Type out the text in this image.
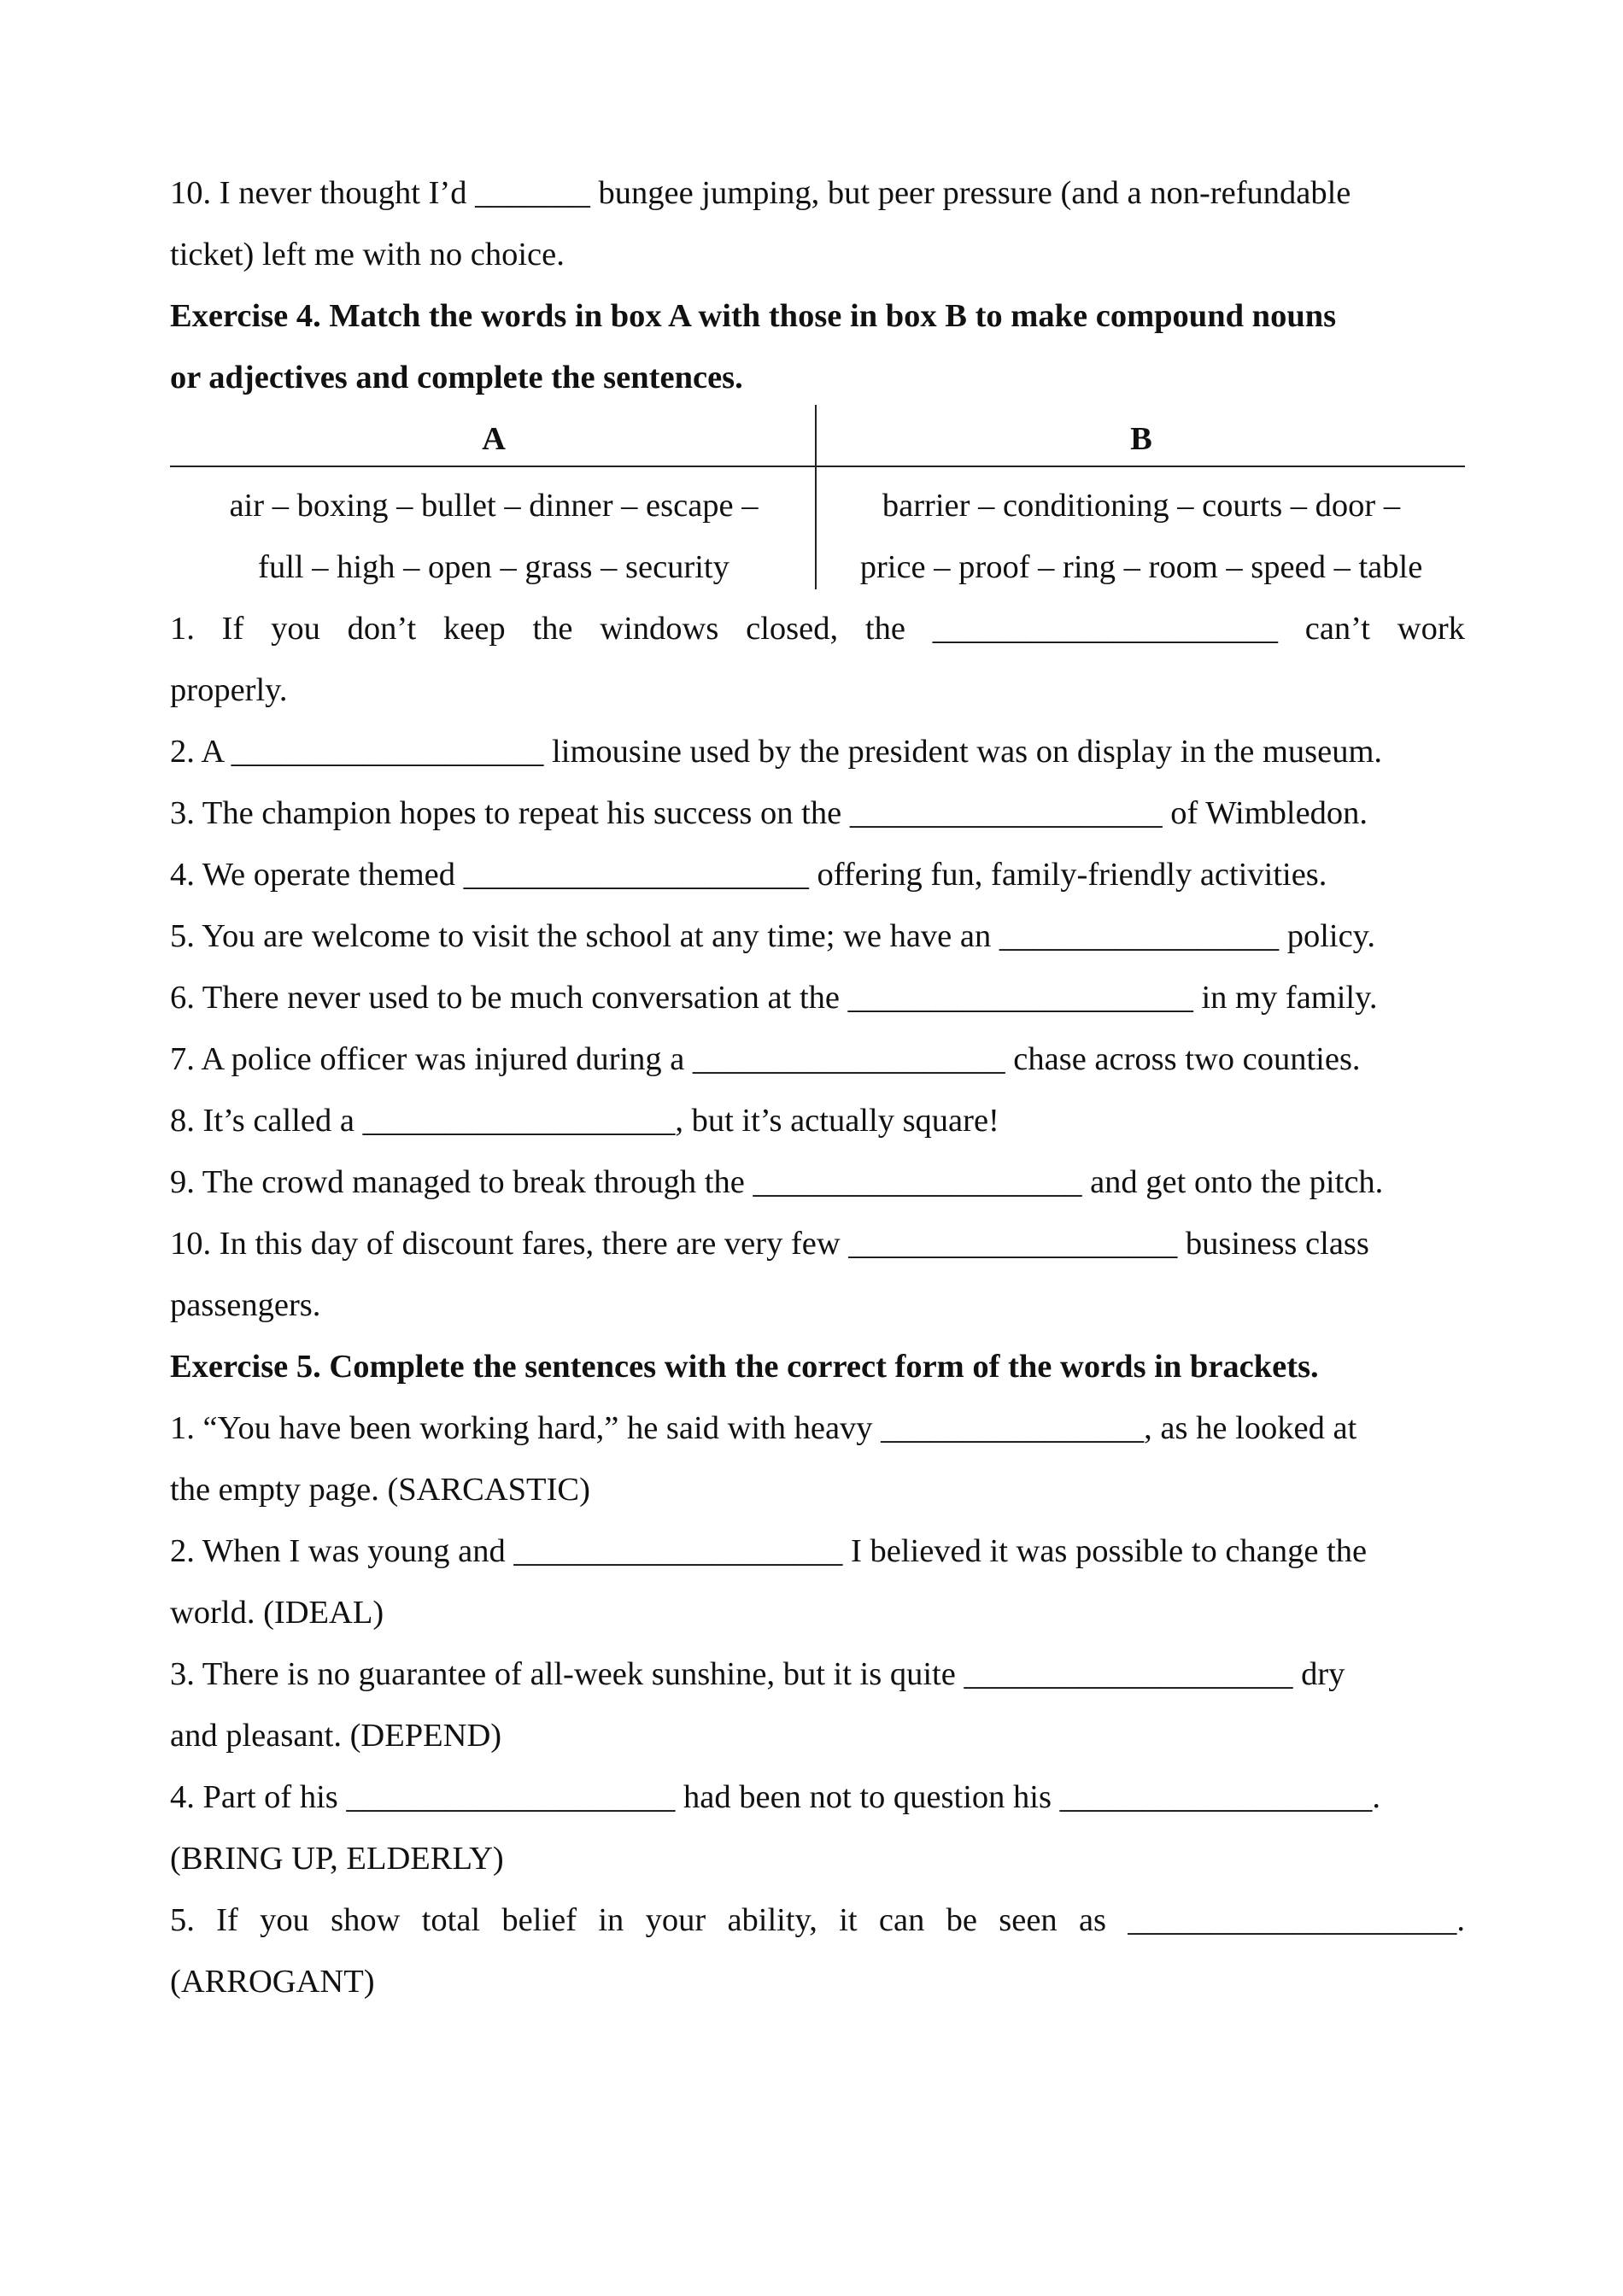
10. I never thought I’d _______ bungee jumping, but peer pressure (and a non-refundable
ticket) left me with no choice.
Exercise 4. Match the words in box A with those in box B to make compound nouns
or adjectives and complete the sentences.
A	B
air – boxing – bullet – dinner – escape –
full – high – open – grass – security
barrier – conditioning – courts – door –
price – proof – ring – room – speed – table
1. If you don’t keep the windows closed, the _____________________ can’t work
properly.
2. A ___________________ limousine used by the president was on display in the museum.
3. The champion hopes to repeat his success on the ___________________ of Wimbledon.
4. We operate themed _____________________ offering fun, family-friendly activities.
5. You are welcome to visit the school at any time; we have an _________________ policy.
6. There never used to be much conversation at the _____________________ in my family.
7. A police officer was injured during a ___________________ chase across two counties.
8. It’s called a ___________________, but it’s actually square!
9. The crowd managed to break through the ____________________ and get onto the pitch.
10. In this day of discount fares, there are very few ____________________ business class
passengers.
Exercise 5. Complete the sentences with the correct form of the words in brackets.
1. “You have been working hard,” he said with heavy ________________, as he looked at
the empty page. (SARCASTIC)
2. When I was young and ____________________ I believed it was possible to change the
world. (IDEAL)
3. There is no guarantee of all-week sunshine, but it is quite ____________________ dry
and pleasant. (DEPEND)
4. Part of his ____________________ had been not to question his ___________________.
(BRING UP, ELDERLY)
5. If you show total belief in your ability, it can be seen as ____________________.
(ARROGANT)
